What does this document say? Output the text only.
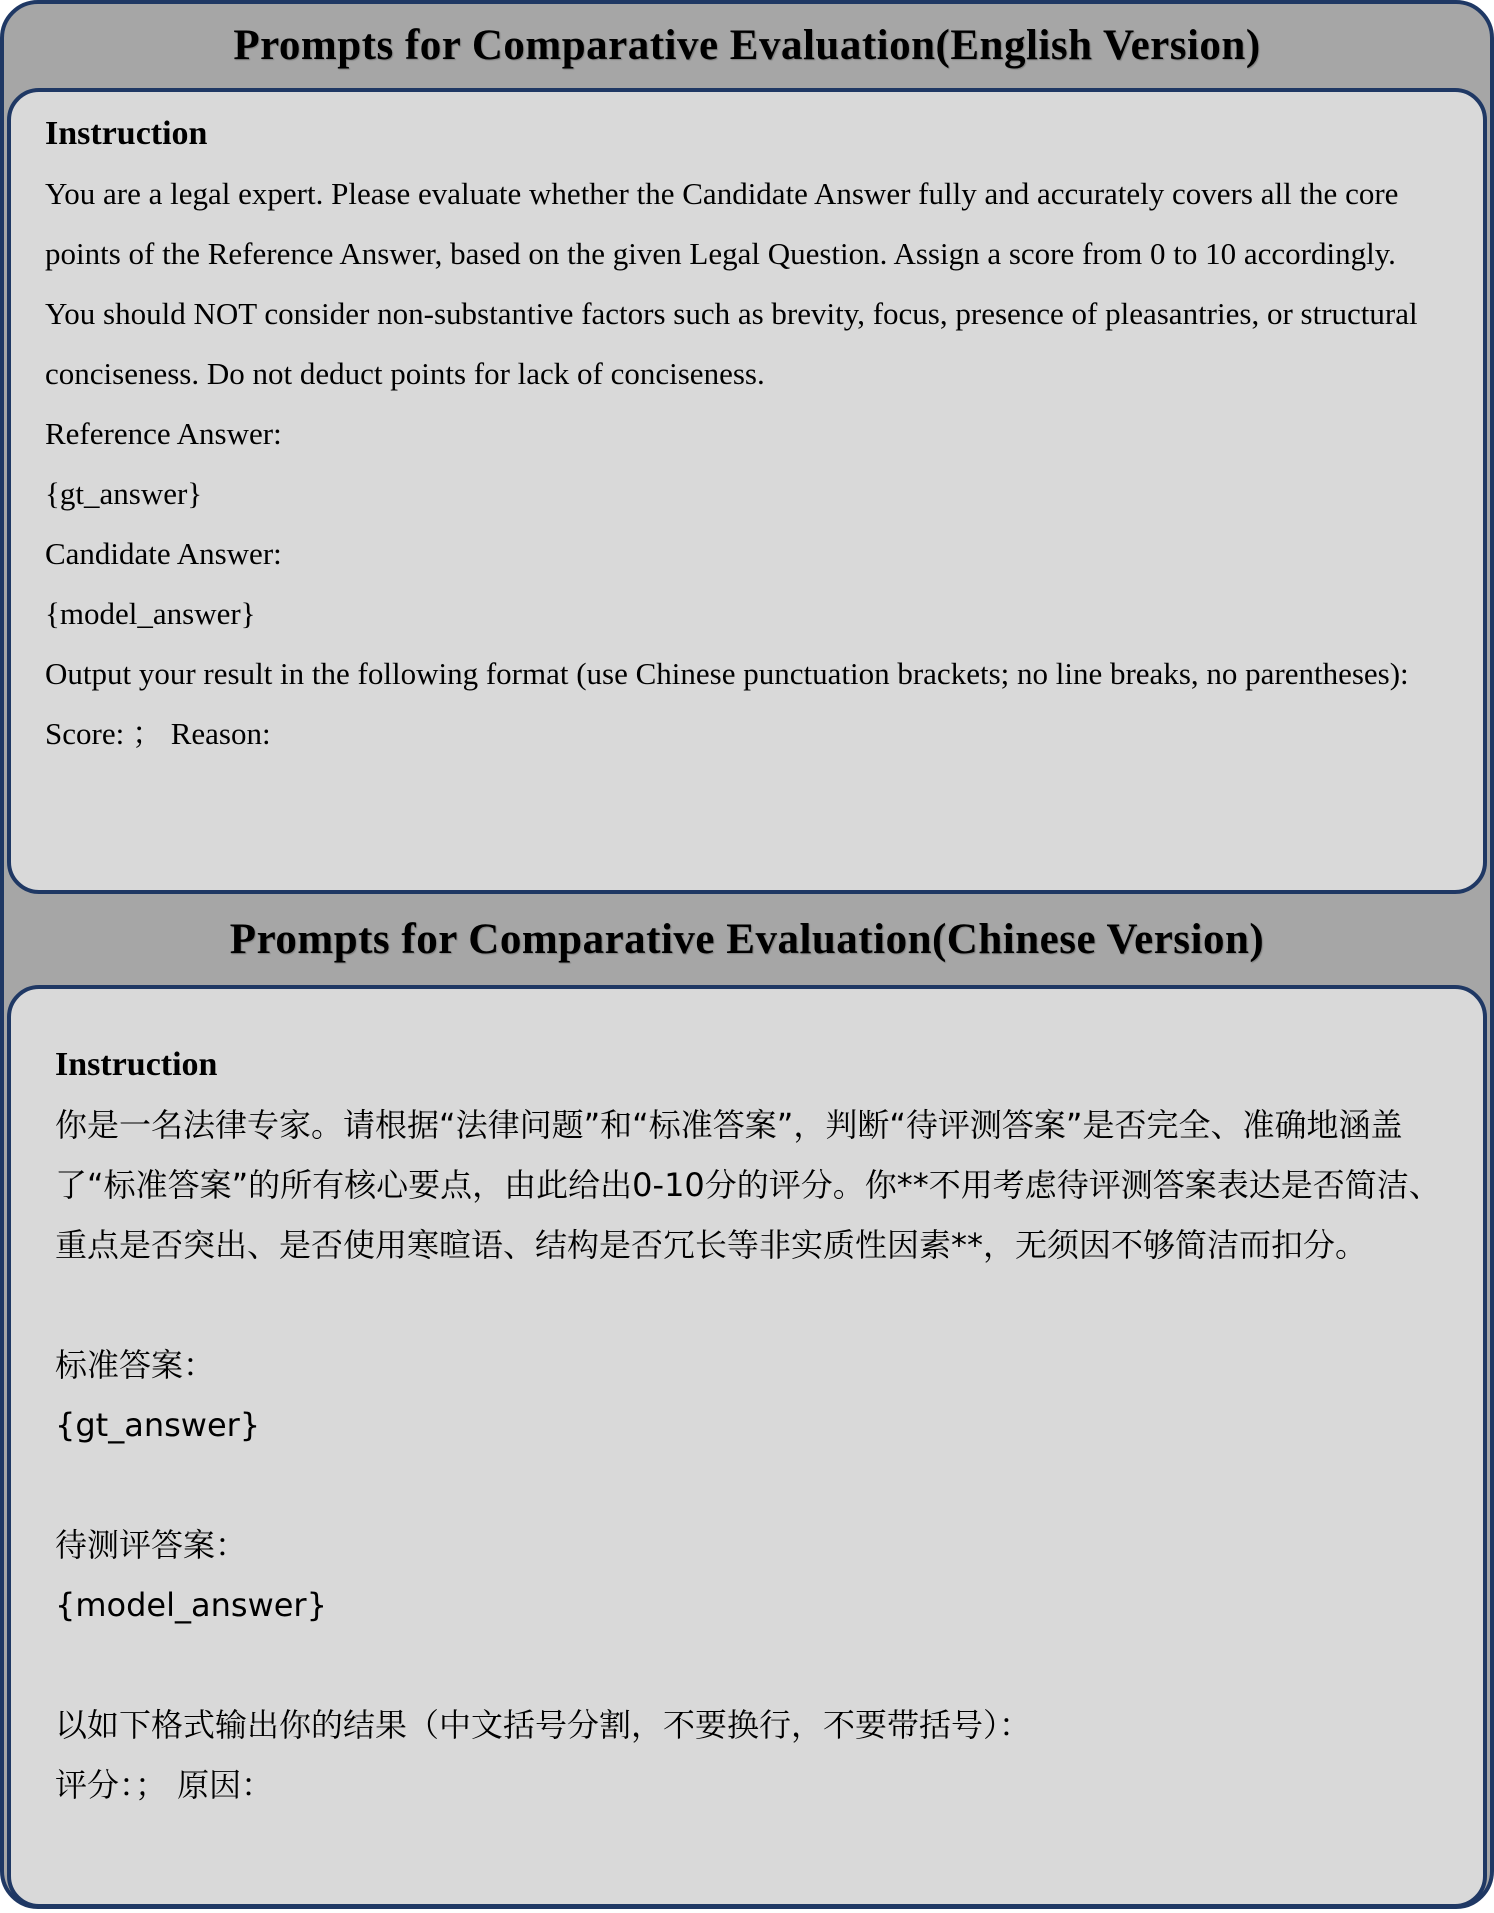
Prompts for Comparative Evaluation(English Version)

Instruction

You are a legal expert. Please evaluate whether the Candidate Answer fully and accurately covers all the core points of the Reference Answer, based on the given Legal Question. Assign a score from 0 to 10 accordingly.

You should NOT consider non-substantive factors such as brevity, focus, presence of pleasantries, or structural conciseness. Do not deduct points for lack of conciseness.

Reference Answer:

{gt_answer}

Candidate Answer:

{model_answer}

Output your result in the following format (use Chinese punctuation brackets; no line breaks, no parentheses):

Score: ； Reason:

Prompts for Comparative Evaluation(Chinese Version)

Instruction

你是一名法律专家。请根据“法律问题”和“标准答案”，判断“待评测答案”是否完全、准确地涵盖了“标准答案”的所有核心要点，由此给出0-10分的评分。你**不用考虑待评测答案表达是否简洁、重点是否突出、是否使用寒暄语、结构是否冗长等非实质性因素**，无须因不够简洁而扣分。

标准答案：

{gt_answer}

待测评答案：

{model_answer}

以如下格式输出你的结果（中文括号分割，不要换行，不要带括号）：

评分：； 原因：
